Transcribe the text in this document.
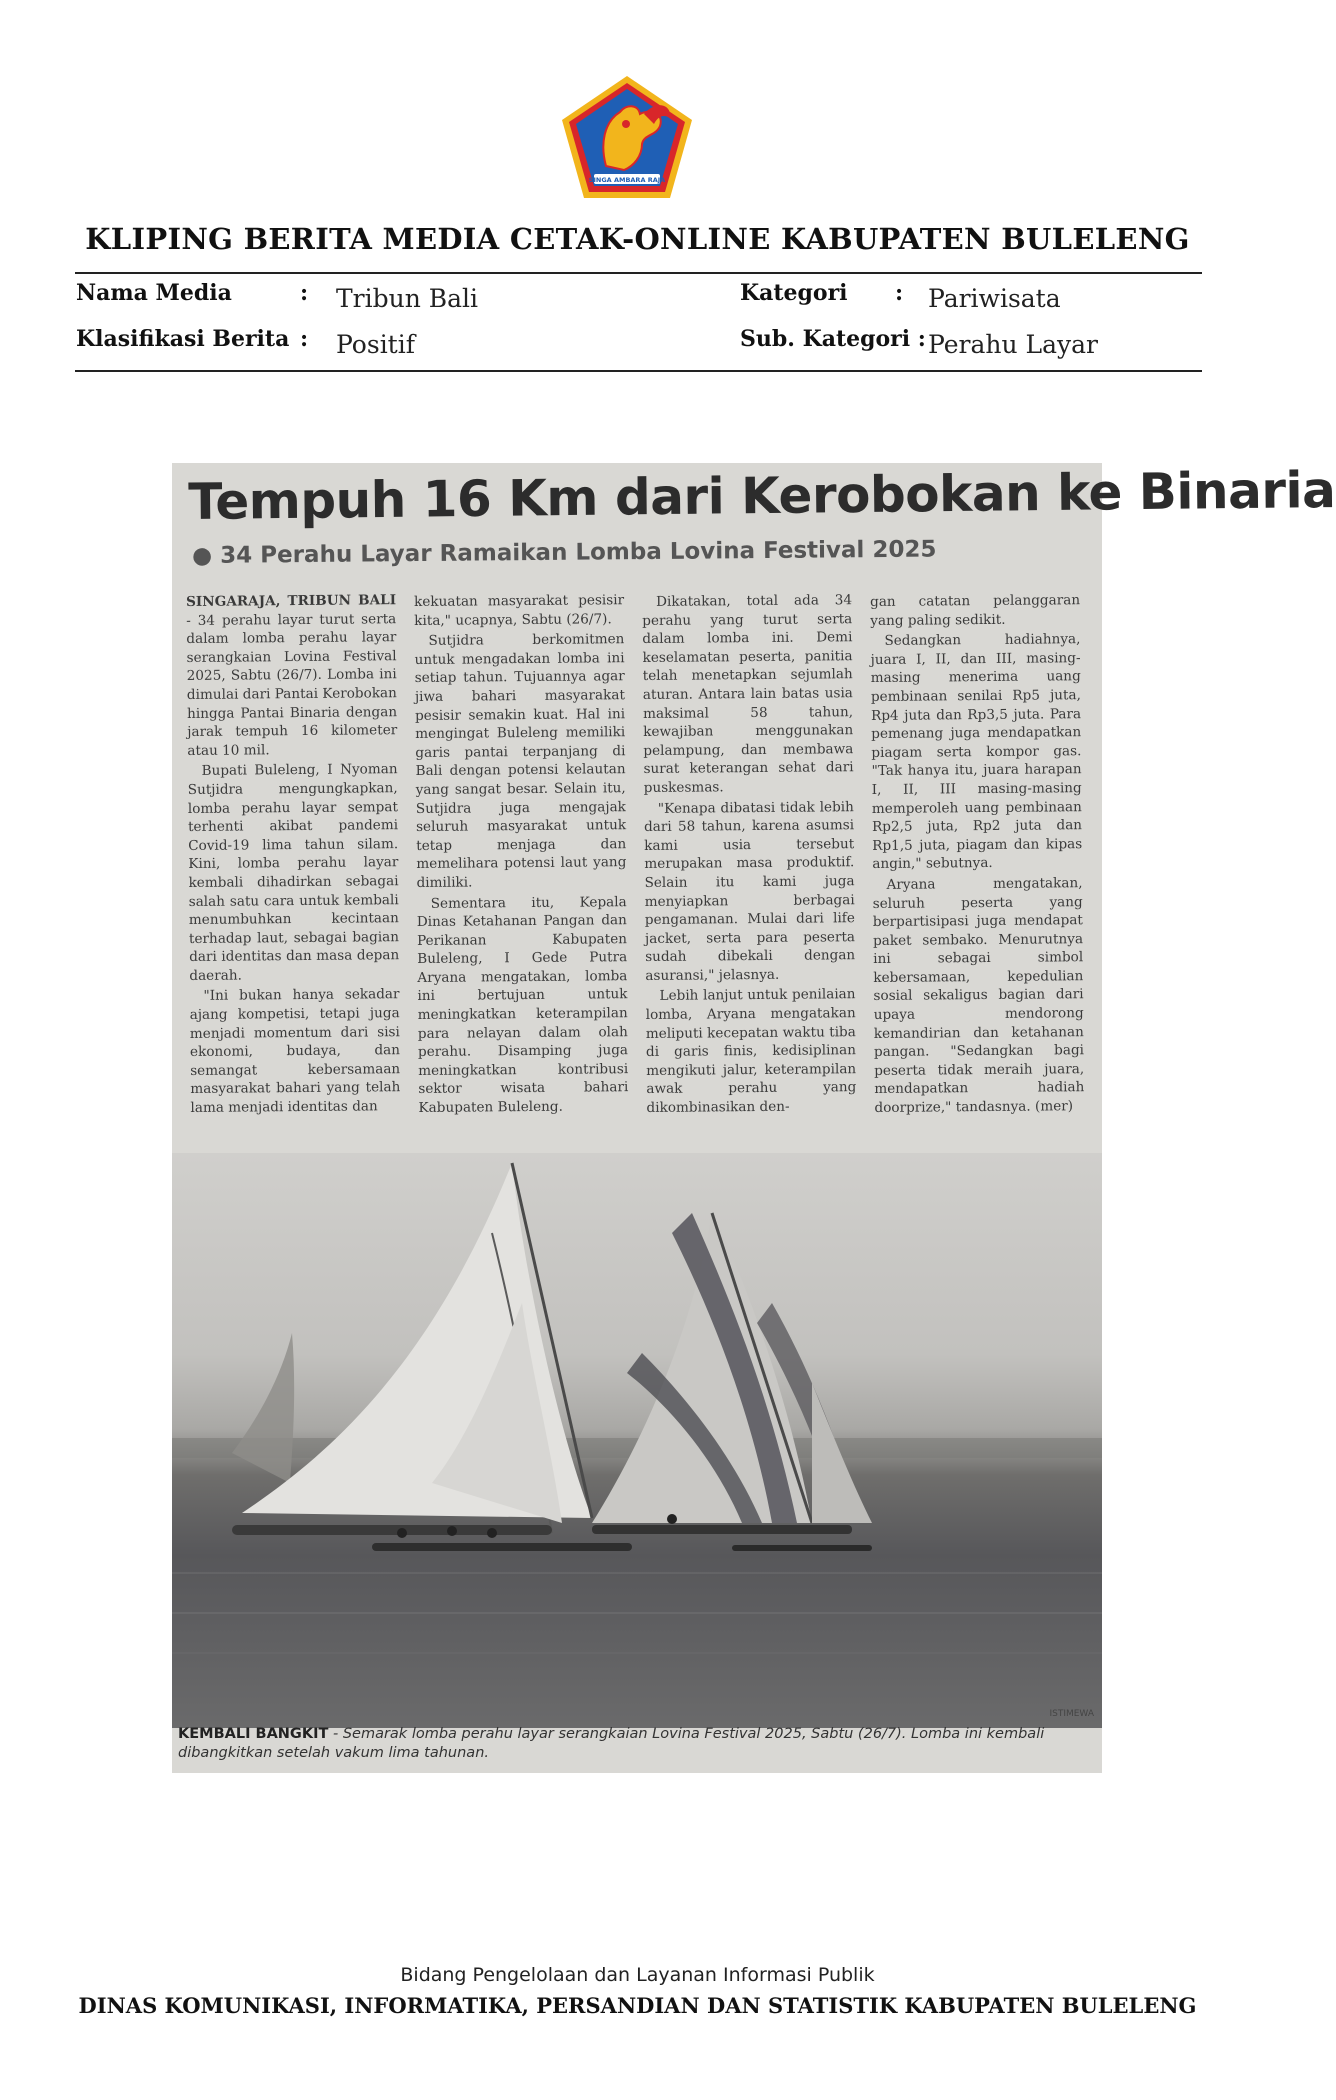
SINGA AMBARA RAJA
KLIPING BERITA MEDIA CETAK-ONLINE KABUPATEN BULELENG
Nama Media	: Tribun Bali	Kategori : Pariwisata
Klasifikasi Berita : Positif	Sub. Kategori : Perahu Layar
Tempuh 16 Km dari Kerobokan ke Binaria
● 34 Perahu Layar Ramaikan Lomba Lovina Festival 2025

SINGARAJA, TRIBUN BALI - 34 perahu layar turut serta dalam lomba perahu layar serangkaian Lovina Festival 2025, Sabtu (26/7). Lomba ini dimulai dari Pantai Kerobokan hingga Pantai Binaria dengan jarak tempuh 16 kilometer atau 10 mil.

Bupati Buleleng, I Nyoman Sutjidra mengungkapkan, lomba perahu layar sempat terhenti akibat pandemi Covid-19 lima tahun silam. Kini, lomba perahu layar kembali dihadirkan sebagai salah satu cara untuk kembali menumbuhkan kecintaan terhadap laut, sebagai bagian dari identitas dan masa depan daerah.

"Ini bukan hanya sekadar ajang kompetisi, tetapi juga menjadi momentum dari sisi ekonomi, budaya, dan semangat kebersamaan masyarakat bahari yang telah lama menjadi identitas dan

kekuatan masyarakat pesisir kita," ucapnya, Sabtu (26/7).

Sutjidra berkomitmen untuk mengadakan lomba ini setiap tahun. Tujuannya agar jiwa bahari masyarakat pesisir semakin kuat. Hal ini mengingat Buleleng memiliki garis pantai terpanjang di Bali dengan potensi kelautan yang sangat besar. Selain itu, Sutjidra juga mengajak seluruh masyarakat untuk tetap menjaga dan memelihara potensi laut yang dimiliki.

Sementara itu, Kepala Dinas Ketahanan Pangan dan Perikanan Kabupaten Buleleng, I Gede Putra Aryana mengatakan, lomba ini bertujuan untuk meningkatkan keterampilan para nelayan dalam olah perahu. Disamping juga meningkatkan kontribusi sektor wisata bahari Kabupaten Buleleng.

Dikatakan, total ada 34 perahu yang turut serta dalam lomba ini. Demi keselamatan peserta, panitia telah menetapkan sejumlah aturan. Antara lain batas usia maksimal 58 tahun, kewajiban menggunakan pelampung, dan membawa surat keterangan sehat dari puskesmas.

"Kenapa dibatasi tidak lebih dari 58 tahun, karena asumsi kami usia tersebut merupakan masa produktif. Selain itu kami juga menyiapkan berbagai pengamanan. Mulai dari life jacket, serta para peserta sudah dibekali dengan asuransi," jelasnya.

Lebih lanjut untuk penilaian lomba, Aryana mengatakan meliputi kecepatan waktu tiba di garis finis, kedisiplinan mengikuti jalur, keterampilan awak perahu yang dikombinasikan den-

gan catatan pelanggaran yang paling sedikit.

Sedangkan hadiahnya, juara I, II, dan III, masing-masing menerima uang pembinaan senilai Rp5 juta, Rp4 juta dan Rp3,5 juta. Para pemenang juga mendapatkan piagam serta kompor gas. "Tak hanya itu, juara harapan I, II, III masing-masing memperoleh uang pembinaan Rp2,5 juta, Rp2 juta dan Rp1,5 juta, piagam dan kipas angin," sebutnya.

Aryana mengatakan, seluruh peserta yang berpartisipasi juga mendapat paket sembako. Menurutnya ini sebagai simbol kebersamaan, kepedulian sosial sekaligus bagian dari upaya mendorong kemandirian dan ketahanan pangan. "Sedangkan bagi peserta tidak meraih juara, mendapatkan hadiah doorprize," tandasnya. (mer)

ISTIMEWA
KEMBALI BANGKIT - Semarak lomba perahu layar serangkaian Lovina Festival 2025, Sabtu (26/7). Lomba ini kembali dibangkitkan setelah vakum lima tahunan.
Bidang Pengelolaan dan Layanan Informasi Publik
DINAS KOMUNIKASI, INFORMATIKA, PERSANDIAN DAN STATISTIK KABUPATEN BULELENG
